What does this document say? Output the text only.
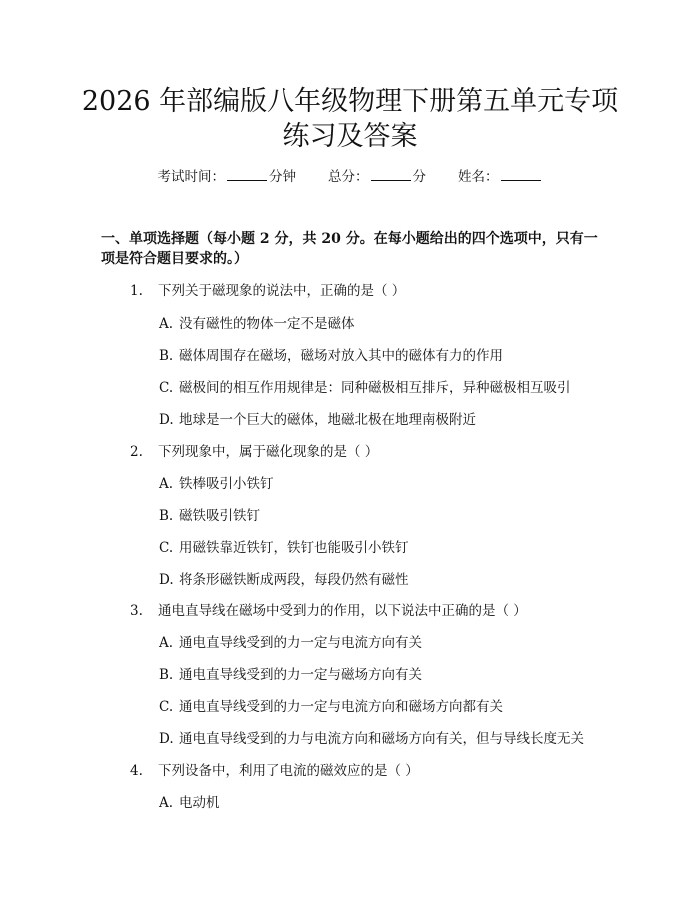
2026 年部编版八年级物理下册第五单元专项
练习及答案
考试时间：	分钟 总分：	分 姓名：
一、单项选择题（每小题 2 分，共 20 分。在每小题给出的四个选项中，只有一项是符合题目要求的。）
1. 下列关于磁现象的说法中，正确的是（ ）
A. 没有磁性的物体一定不是磁体
B. 磁体周围存在磁场，磁场对放入其中的磁体有力的作用
C. 磁极间的相互作用规律是：同种磁极相互排斥，异种磁极相互吸引
D. 地球是一个巨大的磁体，地磁北极在地理南极附近
2. 下列现象中，属于磁化现象的是（ ）
A. 铁棒吸引小铁钉
B. 磁铁吸引铁钉
C. 用磁铁靠近铁钉，铁钉也能吸引小铁钉
D. 将条形磁铁断成两段，每段仍然有磁性
3. 通电直导线在磁场中受到力的作用，以下说法中正确的是（ ）
A. 通电直导线受到的力一定与电流方向有关
B. 通电直导线受到的力一定与磁场方向有关
C. 通电直导线受到的力一定与电流方向和磁场方向都有关
D. 通电直导线受到的力与电流方向和磁场方向有关，但与导线长度无关
4. 下列设备中，利用了电流的磁效应的是（ ）
A. 电动机
